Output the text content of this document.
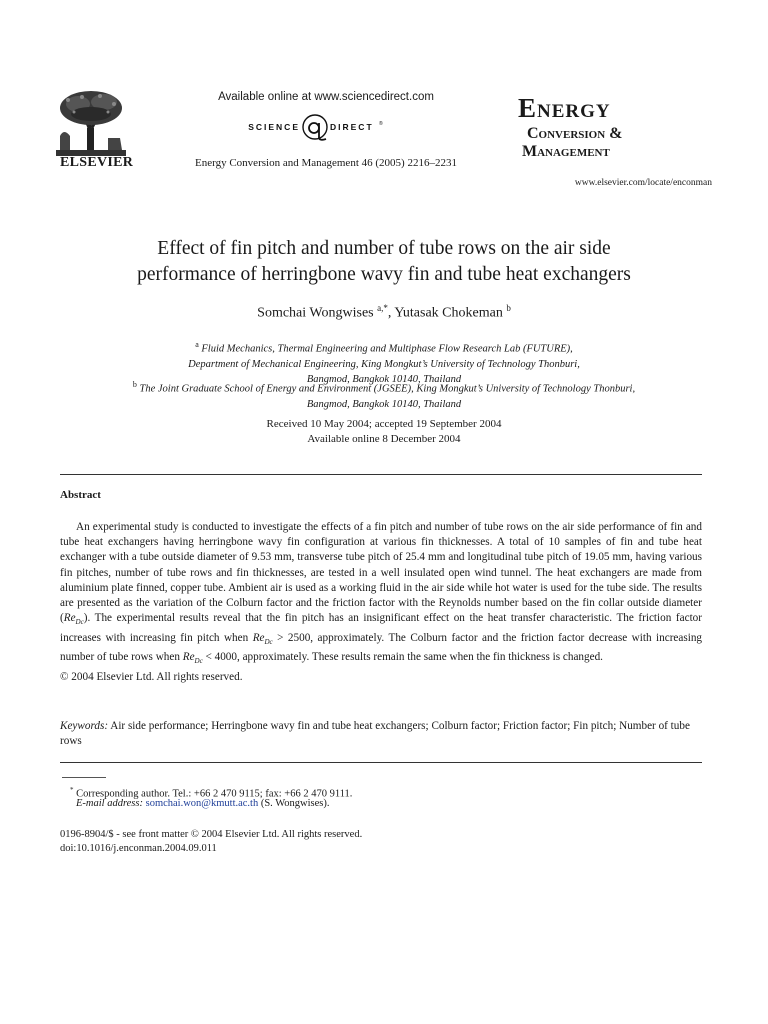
ELSEVIER
Available online at www.sciencedirect.com
SCIENCE	DIRECT ®
Energy Conversion and Management 46 (2005) 2216–2231
Energy
Conversion &
Management
www.elsevier.com/locate/enconman
Effect of fin pitch and number of tube rows on the air side
performance of herringbone wavy fin and tube heat exchangers
Somchai Wongwises $^{a,*}$, Yutasak Chokeman $^b$
$^a$ Fluid Mechanics, Thermal Engineering and Multiphase Flow Research Lab (FUTURE),
Department of Mechanical Engineering, King Mongkut’s University of Technology Thonburi,
Bangmod, Bangkok 10140, Thailand
$^b$ The Joint Graduate School of Energy and Environment (JGSEE), King Mongkut’s University of Technology Thonburi,
Bangmod, Bangkok 10140, Thailand
Received 10 May 2004; accepted 19 September 2004
Available online 8 December 2004
Abstract
An experimental study is conducted to investigate the effects of a fin pitch and number of tube rows on the air side performance of fin and tube heat exchangers having herringbone wavy fin configuration at various fin thicknesses. A total of 10 samples of fin and tube heat exchanger with a tube outside diameter of 9.53 mm, transverse tube pitch of 25.4 mm and longitudinal tube pitch of 19.05 mm, having various fin pitches, number of tube rows and fin thicknesses, are tested in a well insulated open wind tunnel. The heat exchangers are made from aluminium plate finned, copper tube. Ambient air is used as a working fluid in the air side while hot water is used for the tube side. The results are presented as the variation of the Colburn factor and the friction factor with the Reynolds number based on the fin collar outside diameter $(Re_{Dc})$. The experimental results reveal that the fin pitch has an insignificant effect on the heat transfer characteristic. The friction factor increases with increasing fin pitch when $Re_{Dc} > 2500$, approximately. The Colburn factor and the friction factor decrease with increasing number of tube rows when $Re_{Dc} < 4000$, approximately. These results remain the same when the fin thickness is changed.
© 2004 Elsevier Ltd. All rights reserved.
Keywords: Air side performance; Herringbone wavy fin and tube heat exchangers; Colburn factor; Friction factor; Fin pitch; Number of tube rows
* Corresponding author. Tel.: +66 2 470 9115; fax: +66 2 470 9111.
E-mail address: somchai.won@kmutt.ac.th (S. Wongwises).
0196-8904/$ - see front matter © 2004 Elsevier Ltd. All rights reserved.
doi:10.1016/j.enconman.2004.09.011
